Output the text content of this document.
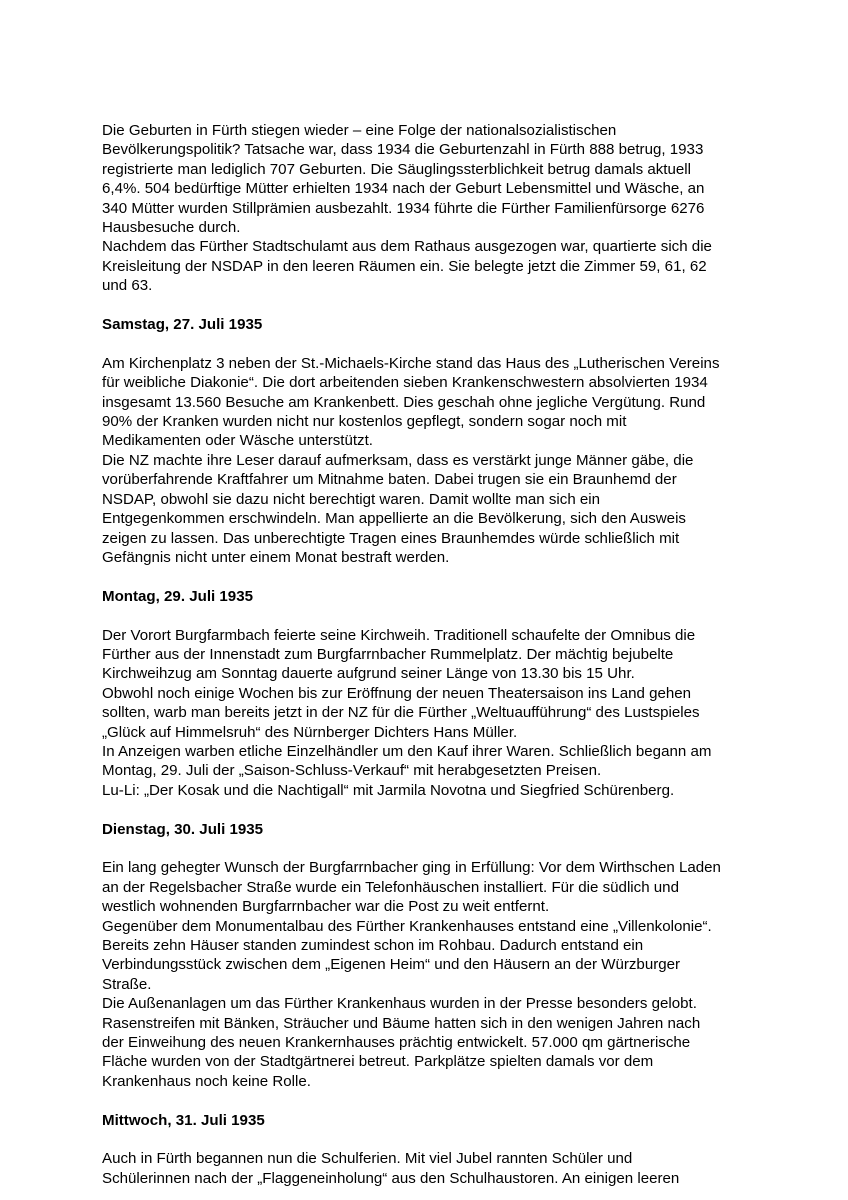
Die Geburten in Fürth stiegen wieder – eine Folge der nationalsozialistischen
Bevölkerungspolitik? Tatsache war, dass 1934 die Geburtenzahl in Fürth 888 betrug, 1933
registrierte man lediglich 707 Geburten. Die Säuglingssterblichkeit betrug damals aktuell
6,4%. 504 bedürftige Mütter erhielten 1934 nach der Geburt Lebensmittel und Wäsche, an
340 Mütter wurden Stillprämien ausbezahlt. 1934 führte die Fürther Familienfürsorge 6276
Hausbesuche durch.

Nachdem das Fürther Stadtschulamt aus dem Rathaus ausgezogen war, quartierte sich die
Kreisleitung der NSDAP in den leeren Räumen ein. Sie belegte jetzt die Zimmer 59, 61, 62
und 63.

Samstag, 27. Juli 1935

Am Kirchenplatz 3 neben der St.-Michaels-Kirche stand das Haus des „Lutherischen Vereins
für weibliche Diakonie“. Die dort arbeitenden sieben Krankenschwestern absolvierten 1934
insgesamt 13.560 Besuche am Krankenbett. Dies geschah ohne jegliche Vergütung. Rund
90% der Kranken wurden nicht nur kostenlos gepflegt, sondern sogar noch mit
Medikamenten oder Wäsche unterstützt.

Die NZ machte ihre Leser darauf aufmerksam, dass es verstärkt junge Männer gäbe, die
vorüberfahrende Kraftfahrer um Mitnahme baten. Dabei trugen sie ein Braunhemd der
NSDAP, obwohl sie dazu nicht berechtigt waren. Damit wollte man sich ein
Entgegenkommen erschwindeln. Man appellierte an die Bevölkerung, sich den Ausweis
zeigen zu lassen. Das unberechtigte Tragen eines Braunhemdes würde schließlich mit
Gefängnis nicht unter einem Monat bestraft werden.

Montag, 29. Juli 1935

Der Vorort Burgfarmbach feierte seine Kirchweih. Traditionell schaufelte der Omnibus die
Fürther aus der Innenstadt zum Burgfarrnbacher Rummelplatz. Der mächtig bejubelte
Kirchweihzug am Sonntag dauerte aufgrund seiner Länge von 13.30 bis 15 Uhr.

Obwohl noch einige Wochen bis zur Eröffnung der neuen Theatersaison ins Land gehen
sollten, warb man bereits jetzt in der NZ für die Fürther „Weltuaufführung“ des Lustspieles
„Glück auf Himmelsruh“ des Nürnberger Dichters Hans Müller.

In Anzeigen warben etliche Einzelhändler um den Kauf ihrer Waren. Schließlich begann am
Montag, 29. Juli der „Saison-Schluss-Verkauf“ mit herabgesetzten Preisen.

Lu-Li: „Der Kosak und die Nachtigall“ mit Jarmila Novotna und Siegfried Schürenberg.

Dienstag, 30. Juli 1935

Ein lang gehegter Wunsch der Burgfarrnbacher ging in Erfüllung: Vor dem Wirthschen Laden
an der Regelsbacher Straße wurde ein Telefonhäuschen installiert. Für die südlich und
westlich wohnenden Burgfarrnbacher war die Post zu weit entfernt.

Gegenüber dem Monumentalbau des Fürther Krankenhauses entstand eine „Villenkolonie“.
Bereits zehn Häuser standen zumindest schon im Rohbau. Dadurch entstand ein
Verbindungsstück zwischen dem „Eigenen Heim“ und den Häusern an der Würzburger
Straße.

Die Außenanlagen um das Fürther Krankenhaus wurden in der Presse besonders gelobt.
Rasenstreifen mit Bänken, Sträucher und Bäume hatten sich in den wenigen Jahren nach
der Einweihung des neuen Krankernhauses prächtig entwickelt. 57.000 qm gärtnerische
Fläche wurden von der Stadtgärtnerei betreut. Parkplätze spielten damals vor dem
Krankenhaus noch keine Rolle.

Mittwoch, 31. Juli 1935

Auch in Fürth begannen nun die Schulferien. Mit viel Jubel rannten Schüler und
Schülerinnen nach der „Flaggeneinholung“ aus den Schulhaustoren. An einigen leeren
